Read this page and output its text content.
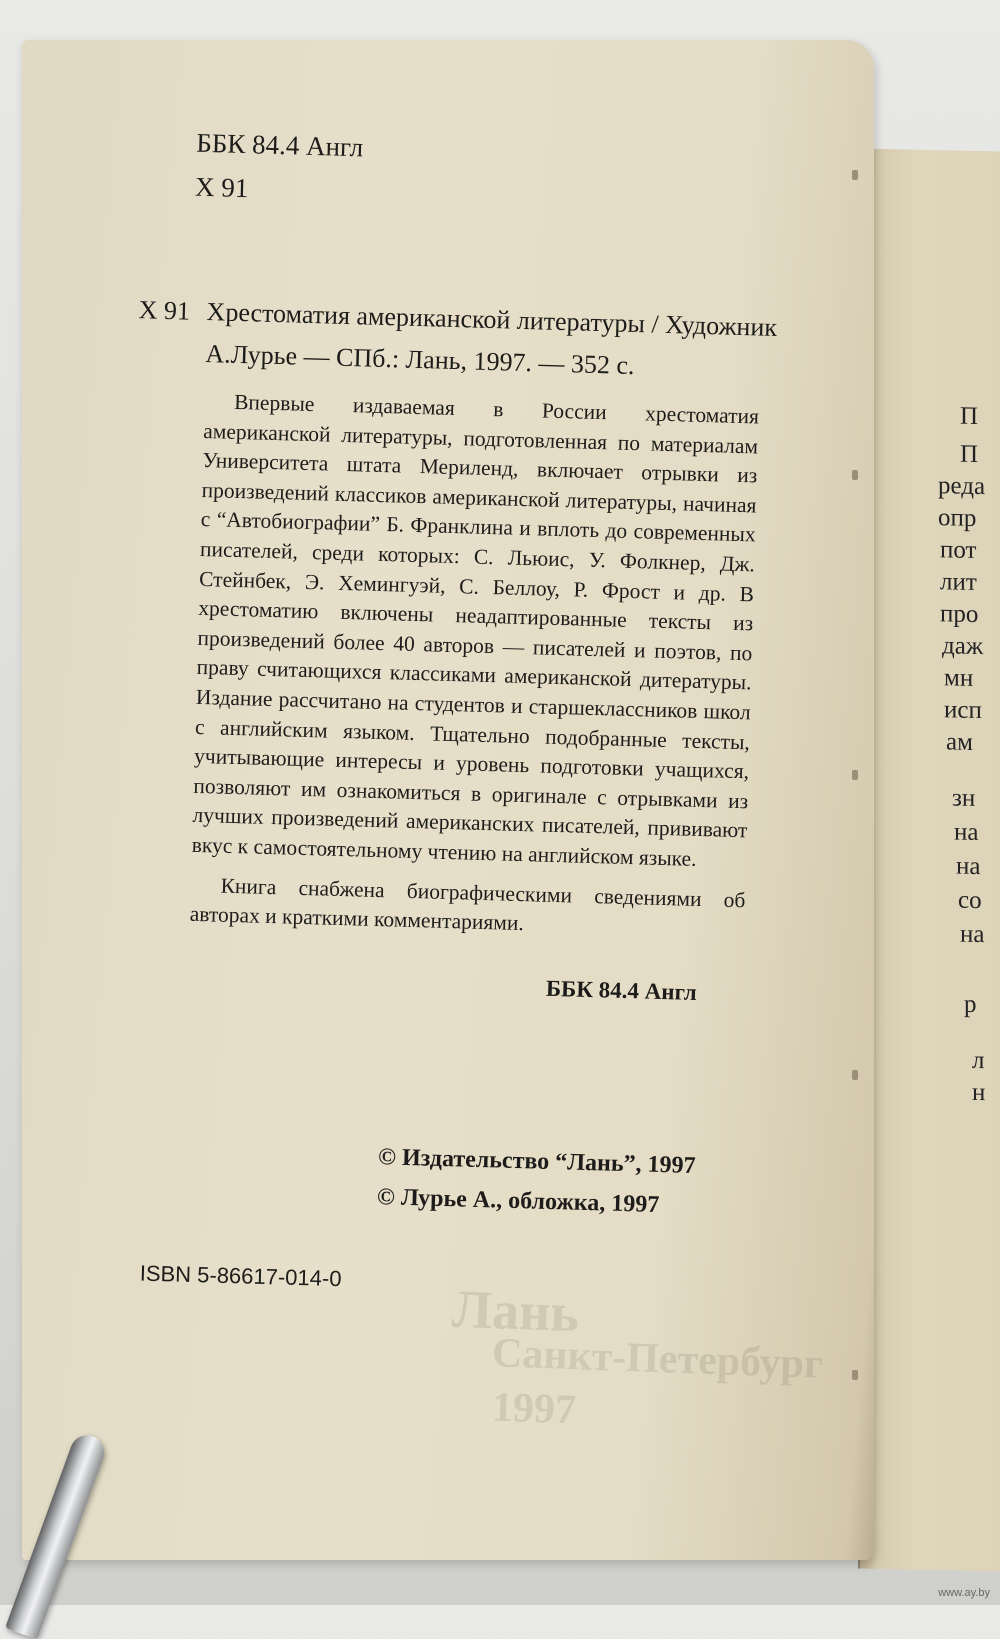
П
П
реда
опр
пот
лит
про
даж
мн
исп
ам
зн
на
на
со
на
р
л
н
Лань
Санкт-Петербург
1997
ББК 84.4 Англ
Х 91
Х 91 Хрестоматия американской литературы / Художник
А.Лурье — СПб.: Лань, 1997. — 352 с.

Впервые издаваемая в России хрестоматия американской литературы, подготовленная по материалам Университета штата Мериленд, включает отрывки из произведений классиков американской литературы, начиная с “Автобиографии” Б. Франклина и вплоть до современных писателей, среди которых: С. Льюис, У. Фолкнер, Дж. Стейнбек, Э. Хемингуэй, С. Беллоу, Р. Фрост и др. В хрестоматию включены неадаптированные тексты из произведений более 40 авторов — писателей и поэтов, по праву считающихся классиками американской дитературы. Издание рассчитано на студентов и старшеклассников школ с английским языком. Тщательно подобранные тексты, учитывающие интересы и уровень подготовки учащихся, позволяют им ознакомиться в оригинале с отрывками из лучших произведений американских писателей, прививают вкус к самостоятельному чтению на английском языке.

Книга снабжена биографическими сведениями об авторах и краткими комментариями.

ББК 84.4 Англ
© Издательство “Лань”, 1997
© Лурье А., обложка, 1997
ISBN 5-86617-014-0
www.ay.by
